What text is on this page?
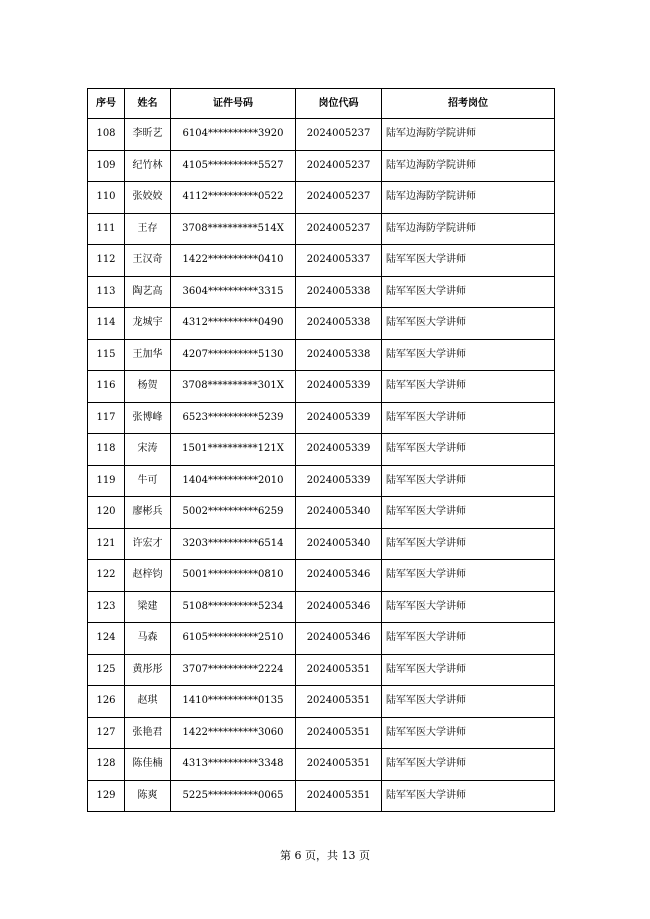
序号	姓名	证件号码	岗位代码	招考岗位
108	李昕艺	6104**********3920	2024005237	陆军边海防学院讲师
109	纪竹林	4105**********5527	2024005237	陆军边海防学院讲师
110	张姣姣	4112**********0522	2024005237	陆军边海防学院讲师
111	王存	3708**********514X	2024005237	陆军边海防学院讲师
112	王汉奇	1422**********0410	2024005337	陆军军医大学讲师
113	陶艺高	3604**********3315	2024005338	陆军军医大学讲师
114	龙城宇	4312**********0490	2024005338	陆军军医大学讲师
115	王加华	4207**********5130	2024005338	陆军军医大学讲师
116	杨贺	3708**********301X	2024005339	陆军军医大学讲师
117	张博峰	6523**********5239	2024005339	陆军军医大学讲师
118	宋涛	1501**********121X	2024005339	陆军军医大学讲师
119	牛可	1404**********2010	2024005339	陆军军医大学讲师
120	廖彬兵	5002**********6259	2024005340	陆军军医大学讲师
121	许宏才	3203**********6514	2024005340	陆军军医大学讲师
122	赵梓钧	5001**********0810	2024005346	陆军军医大学讲师
123	梁建	5108**********5234	2024005346	陆军军医大学讲师
124	马森	6105**********2510	2024005346	陆军军医大学讲师
125	黄彤彤	3707**********2224	2024005351	陆军军医大学讲师
126	赵琪	1410**********0135	2024005351	陆军军医大学讲师
127	张艳君	1422**********3060	2024005351	陆军军医大学讲师
128	陈佳楠	4313**********3348	2024005351	陆军军医大学讲师
129	陈爽	5225**********0065	2024005351	陆军军医大学讲师
第 6 页，共 13 页
